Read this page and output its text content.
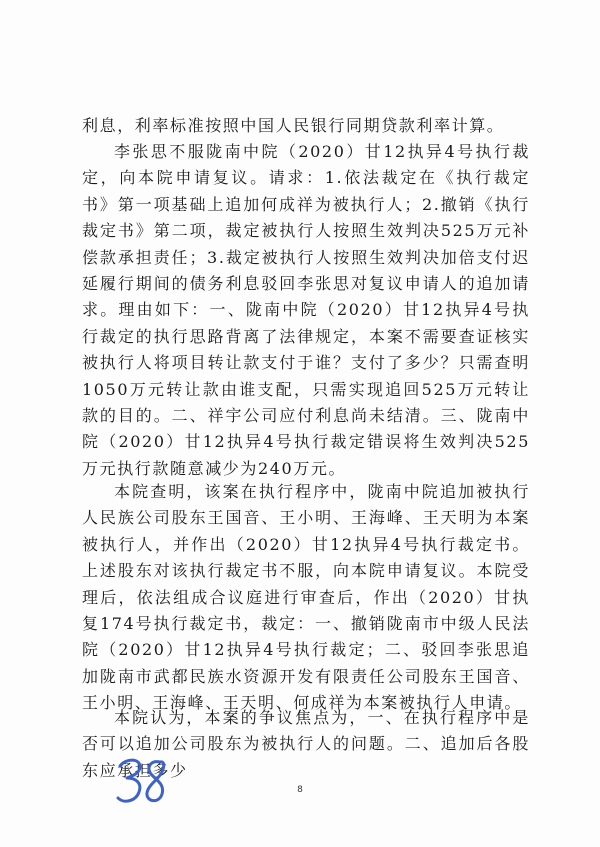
利息，利率标准按照中国人民银行同期贷款利率计算。

李张思不服陇南中院（2020）甘12执异4号执行裁定，向本院申请复议。请求：1.依法裁定在《执行裁定书》第一项基础上追加何成祥为被执行人；2.撤销《执行裁定书》第二项，裁定被执行人按照生效判决525万元补偿款承担责任；3.裁定被执行人按照生效判决加倍支付迟延履行期间的债务利息驳回李张思对复议申请人的追加请求。理由如下：一、陇南中院（2020）甘12执异4号执行裁定的执行思路背离了法律规定，本案不需要查证核实被执行人将项目转让款支付于谁？支付了多少？只需查明1050万元转让款由谁支配，只需实现追回525万元转让款的目的。二、祥宇公司应付利息尚未结清。三、陇南中院（2020）甘12执异4号执行裁定错误将生效判决525万元执行款随意减少为240万元。

本院查明，该案在执行程序中，陇南中院追加被执行人民族公司股东王国音、王小明、王海峰、王天明为本案被执行人，并作出（2020）甘12执异4号执行裁定书。上述股东对该执行裁定书不服，向本院申请复议。本院受理后，依法组成合议庭进行审查后，作出（2020）甘执复174号执行裁定书，裁定：一、撤销陇南市中级人民法院（2020）甘12执异4号执行裁定；二、驳回李张思追加陇南市武都民族水资源开发有限责任公司股东王国音、王小明、王海峰、王天明、何成祥为本案被执行人申请。

本院认为，本案的争议焦点为，一、在执行程序中是否可以追加公司股东为被执行人的问题。二、追加后各股东应承担多少

8
